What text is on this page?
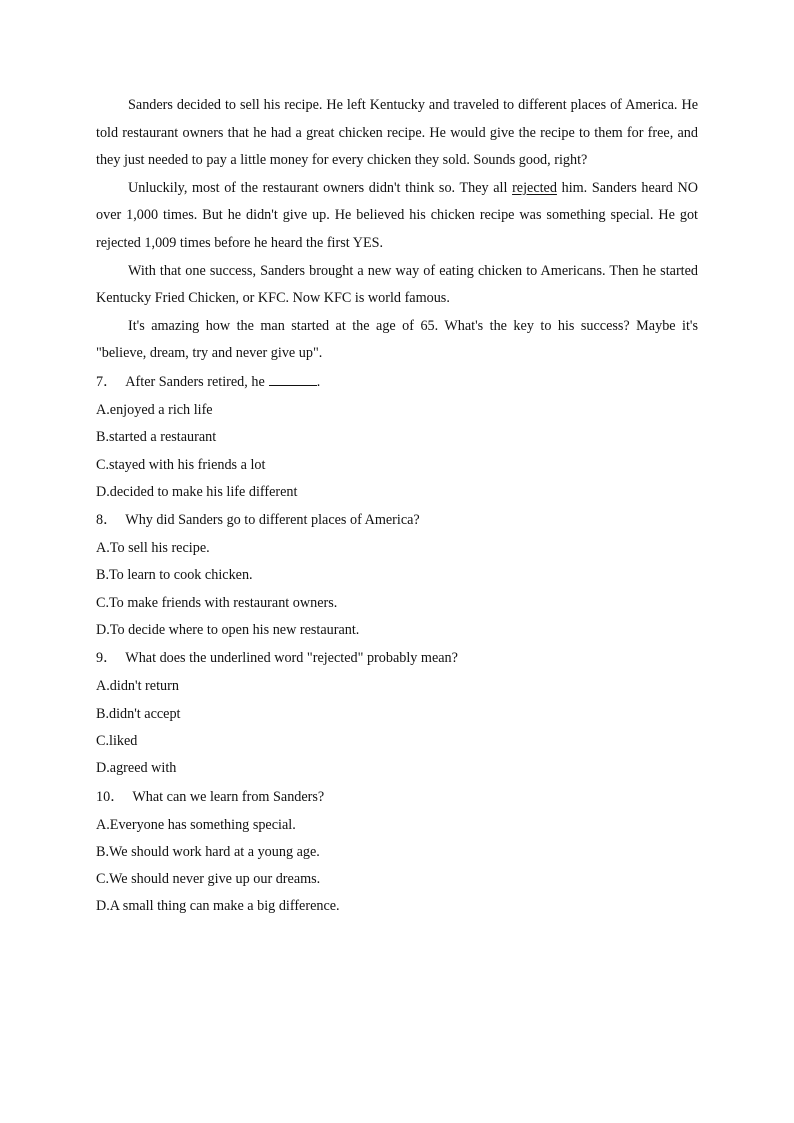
Sanders decided to sell his recipe. He left Kentucky and traveled to different places of America. He told restaurant owners that he had a great chicken recipe. He would give the recipe to them for free, and they just needed to pay a little money for every chicken they sold. Sounds good, right?

Unluckily, most of the restaurant owners didn't think so. They all rejected him. Sanders heard NO over 1,000 times. But he didn't give up. He believed his chicken recipe was something special. He got rejected 1,009 times before he heard the first YES.

With that one success, Sanders brought a new way of eating chicken to Americans. Then he started Kentucky Fried Chicken, or KFC. Now KFC is world famous.

It's amazing how the man started at the age of 65. What's the key to his success? Maybe it's "believe, dream, try and never give up".

7． After Sanders retired, he	.
A.enjoyed a rich life
B.started a restaurant
C.stayed with his friends a lot
D.decided to make his life different
8． Why did Sanders go to different places of America?
A.To sell his recipe.
B.To learn to cook chicken.
C.To make friends with restaurant owners.
D.To decide where to open his new restaurant.
9． What does the underlined word "rejected" probably mean?
A.didn't return
B.didn't accept
C.liked
D.agreed with
10． What can we learn from Sanders?
A.Everyone has something special.
B.We should work hard at a young age.
C.We should never give up our dreams.
D.A small thing can make a big difference.
